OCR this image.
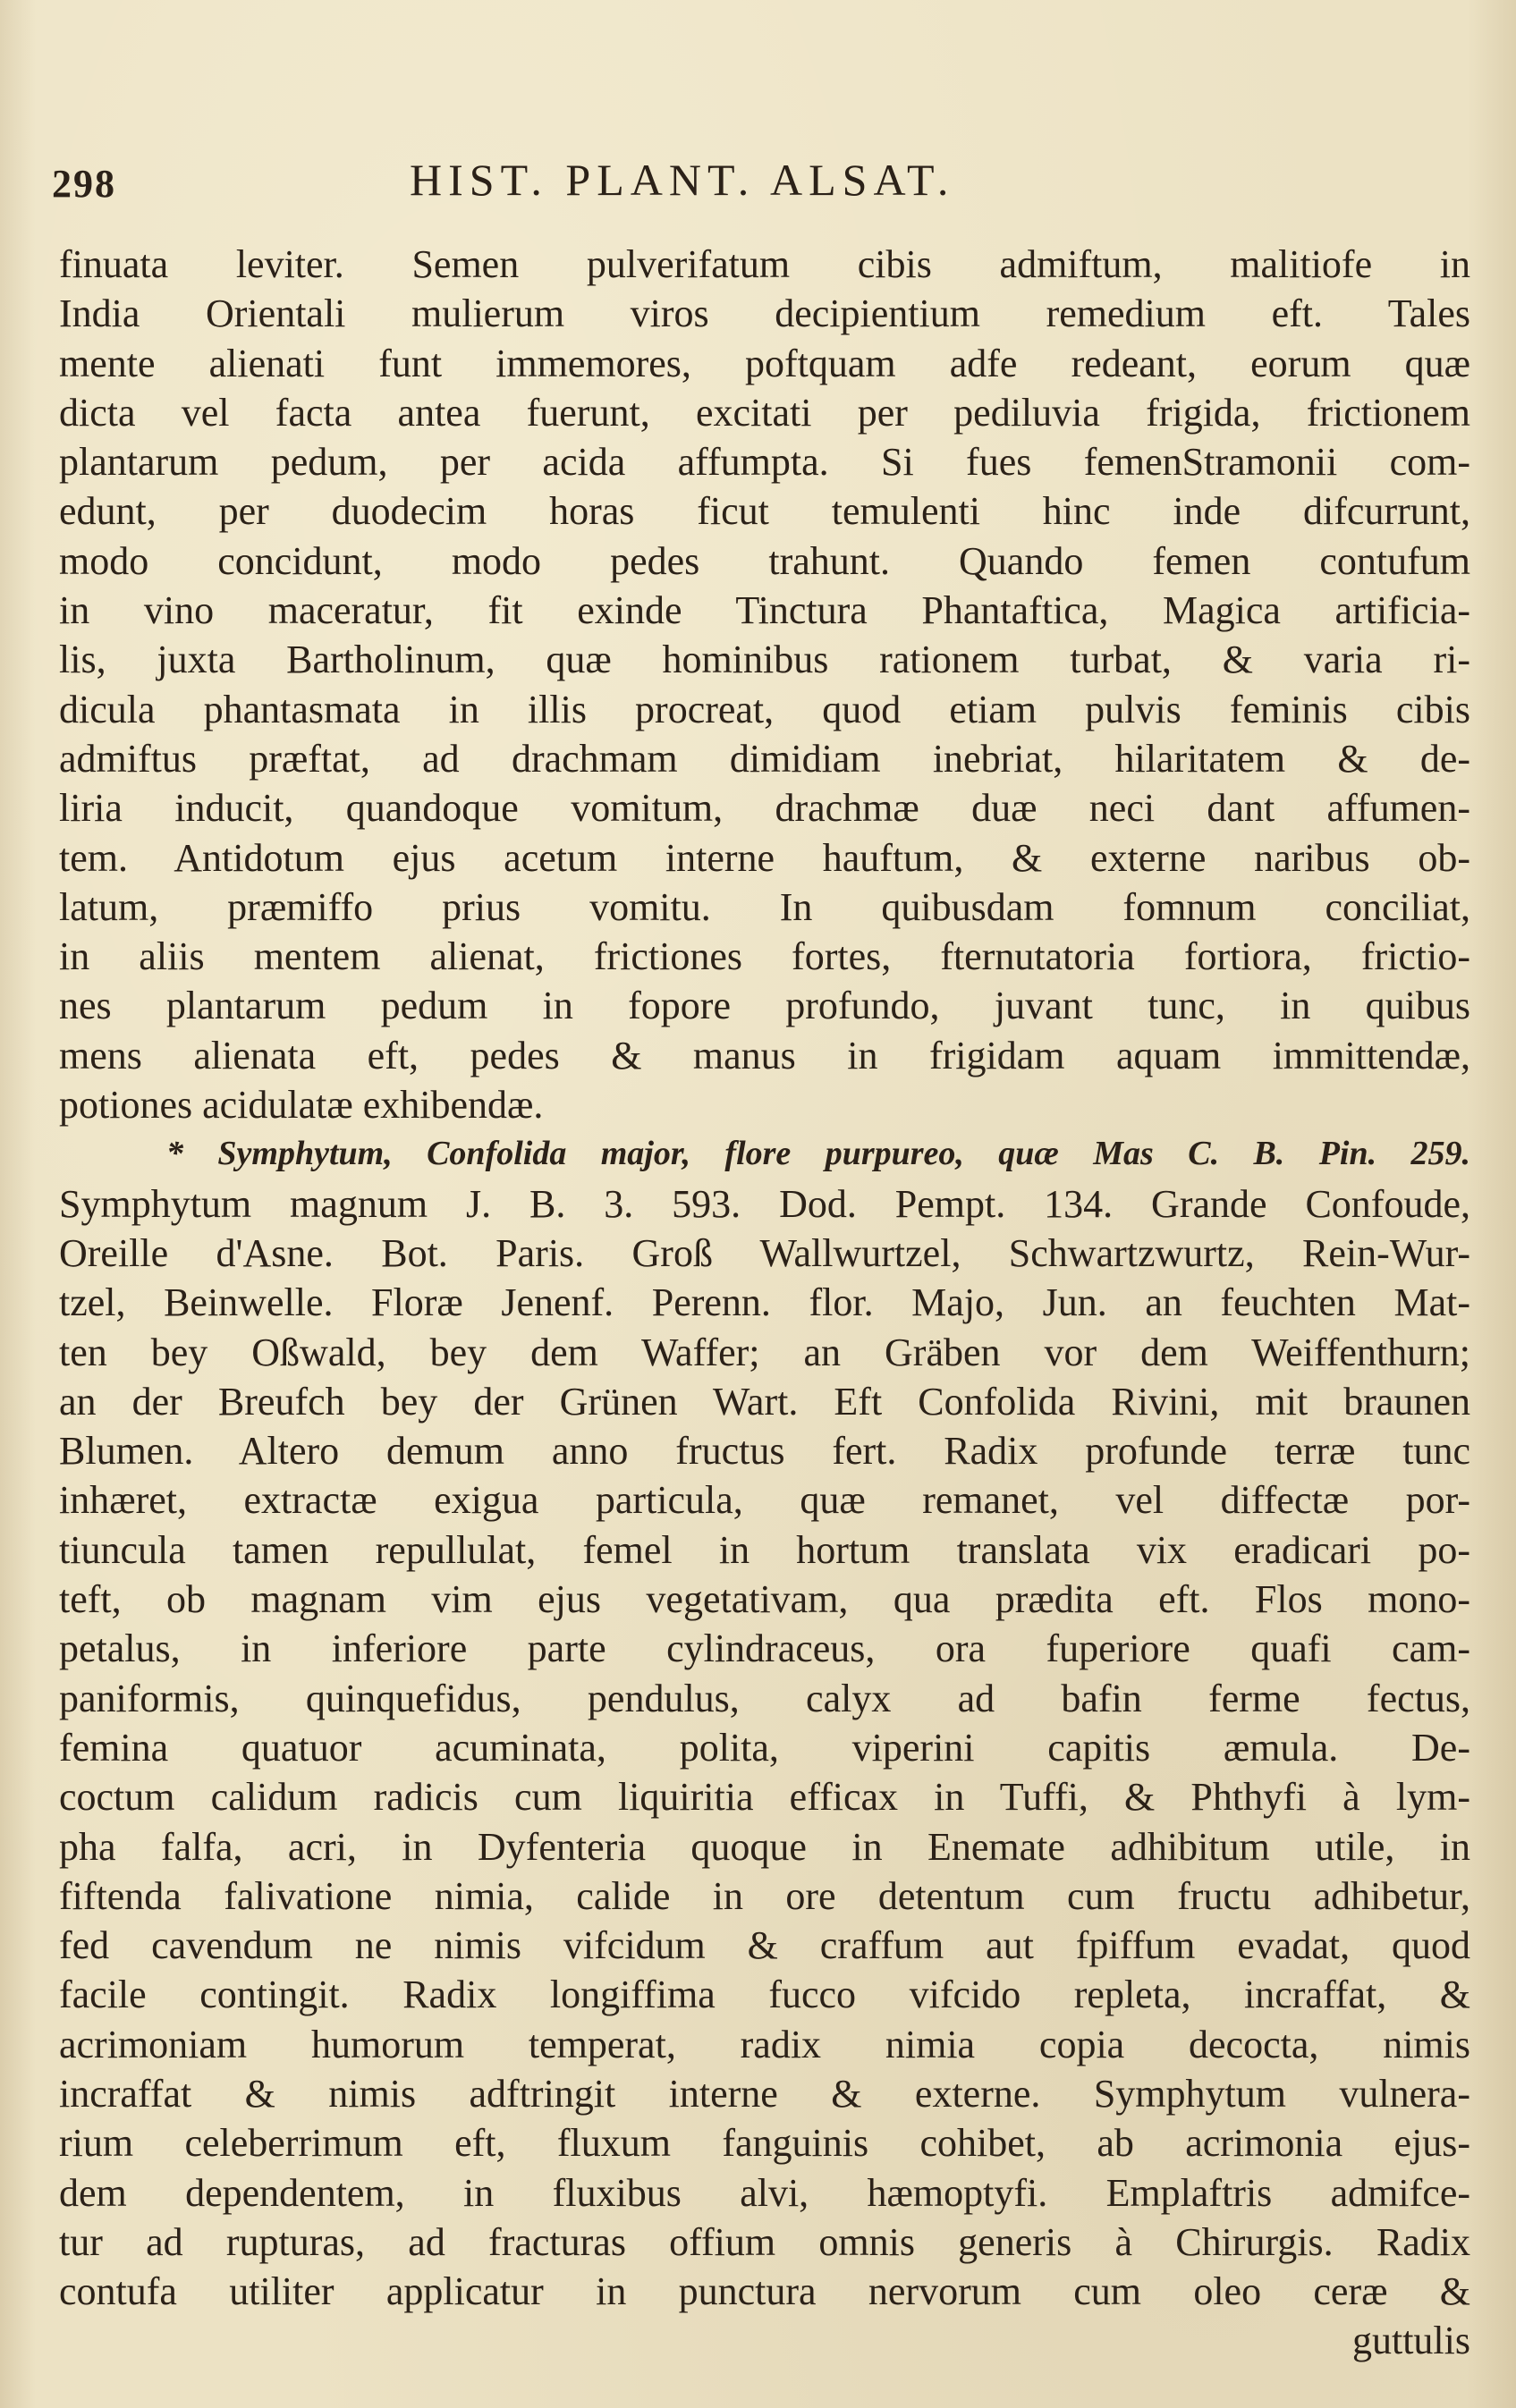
298	HIST. PLANT. ALSAT.
finuata leviter. Semen pulverifatum cibis admiftum, malitiofe in
India Orientali mulierum viros decipientium remedium eft. Tales
mente alienati funt immemores, poftquam adfe redeant, eorum quæ
dicta vel facta antea fuerunt, excitati per pediluvia frigida, frictionem
plantarum pedum, per acida affumpta. Si fues femenStramonii com-
edunt, per duodecim horas ficut temulenti hinc inde difcurrunt,
modo concidunt, modo pedes trahunt. Quando femen contufum
in vino maceratur, fit exinde Tinctura Phantaftica, Magica artificia-
lis, juxta Bartholinum, quæ hominibus rationem turbat, & varia ri-
dicula phantasmata in illis procreat, quod etiam pulvis feminis cibis
admiftus præftat, ad drachmam dimidiam inebriat, hilaritatem & de-
liria inducit, quandoque vomitum, drachmæ duæ neci dant affumen-
tem. Antidotum ejus acetum interne hauftum, & externe naribus ob-
latum, præmiffo prius vomitu. In quibusdam fomnum conciliat,
in aliis mentem alienat, frictiones fortes, fternutatoria fortiora, frictio-
nes plantarum pedum in fopore profundo, juvant tunc, in quibus
mens alienata eft, pedes & manus in frigidam aquam immittendæ,
potiones acidulatæ exhibendæ.
* Symphytum, Confolida major, flore purpureo, quæ Mas C. B. Pin. 259.
Symphytum magnum J. B. 3. 593. Dod. Pempt. 134. Grande Confoude,
Oreille d'Asne. Bot. Paris. Groß Wallwurtzel, Schwartzwurtz, Rein-Wur-
tzel, Beinwelle. Floræ Jenenf. Perenn. flor. Majo, Jun. an feuchten Mat-
ten bey Oßwald, bey dem Waffer; an Gräben vor dem Weiffenthurn;
an der Breufch bey der Grünen Wart. Eft Confolida Rivini, mit braunen
Blumen. Altero demum anno fructus fert. Radix profunde terræ tunc
inhæret, extractæ exigua particula, quæ remanet, vel diffectæ por-
tiuncula tamen repullulat, femel in hortum translata vix eradicari po-
teft, ob magnam vim ejus vegetativam, qua prædita eft. Flos mono-
petalus, in inferiore parte cylindraceus, ora fuperiore quafi cam-
paniformis, quinquefidus, pendulus, calyx ad bafin ferme fectus,
femina quatuor acuminata, polita, viperini capitis æmula. De-
coctum calidum radicis cum liquiritia efficax in Tuffi, & Phthyfi à lym-
pha falfa, acri, in Dyfenteria quoque in Enemate adhibitum utile, in
fiftenda falivatione nimia, calide in ore detentum cum fructu adhibetur,
fed cavendum ne nimis vifcidum & craffum aut fpiffum evadat, quod
facile contingit. Radix longiffima fucco vifcido repleta, incraffat, &
acrimoniam humorum temperat, radix nimia copia decocta, nimis
incraffat & nimis adftringit interne & externe. Symphytum vulnera-
rium celeberrimum eft, fluxum fanguinis cohibet, ab acrimonia ejus-
dem dependentem, in fluxibus alvi, hæmoptyfi. Emplaftris admifce-
tur ad rupturas, ad fracturas offium omnis generis à Chirurgis. Radix
contufa utiliter applicatur in punctura nervorum cum oleo ceræ &
guttulis
